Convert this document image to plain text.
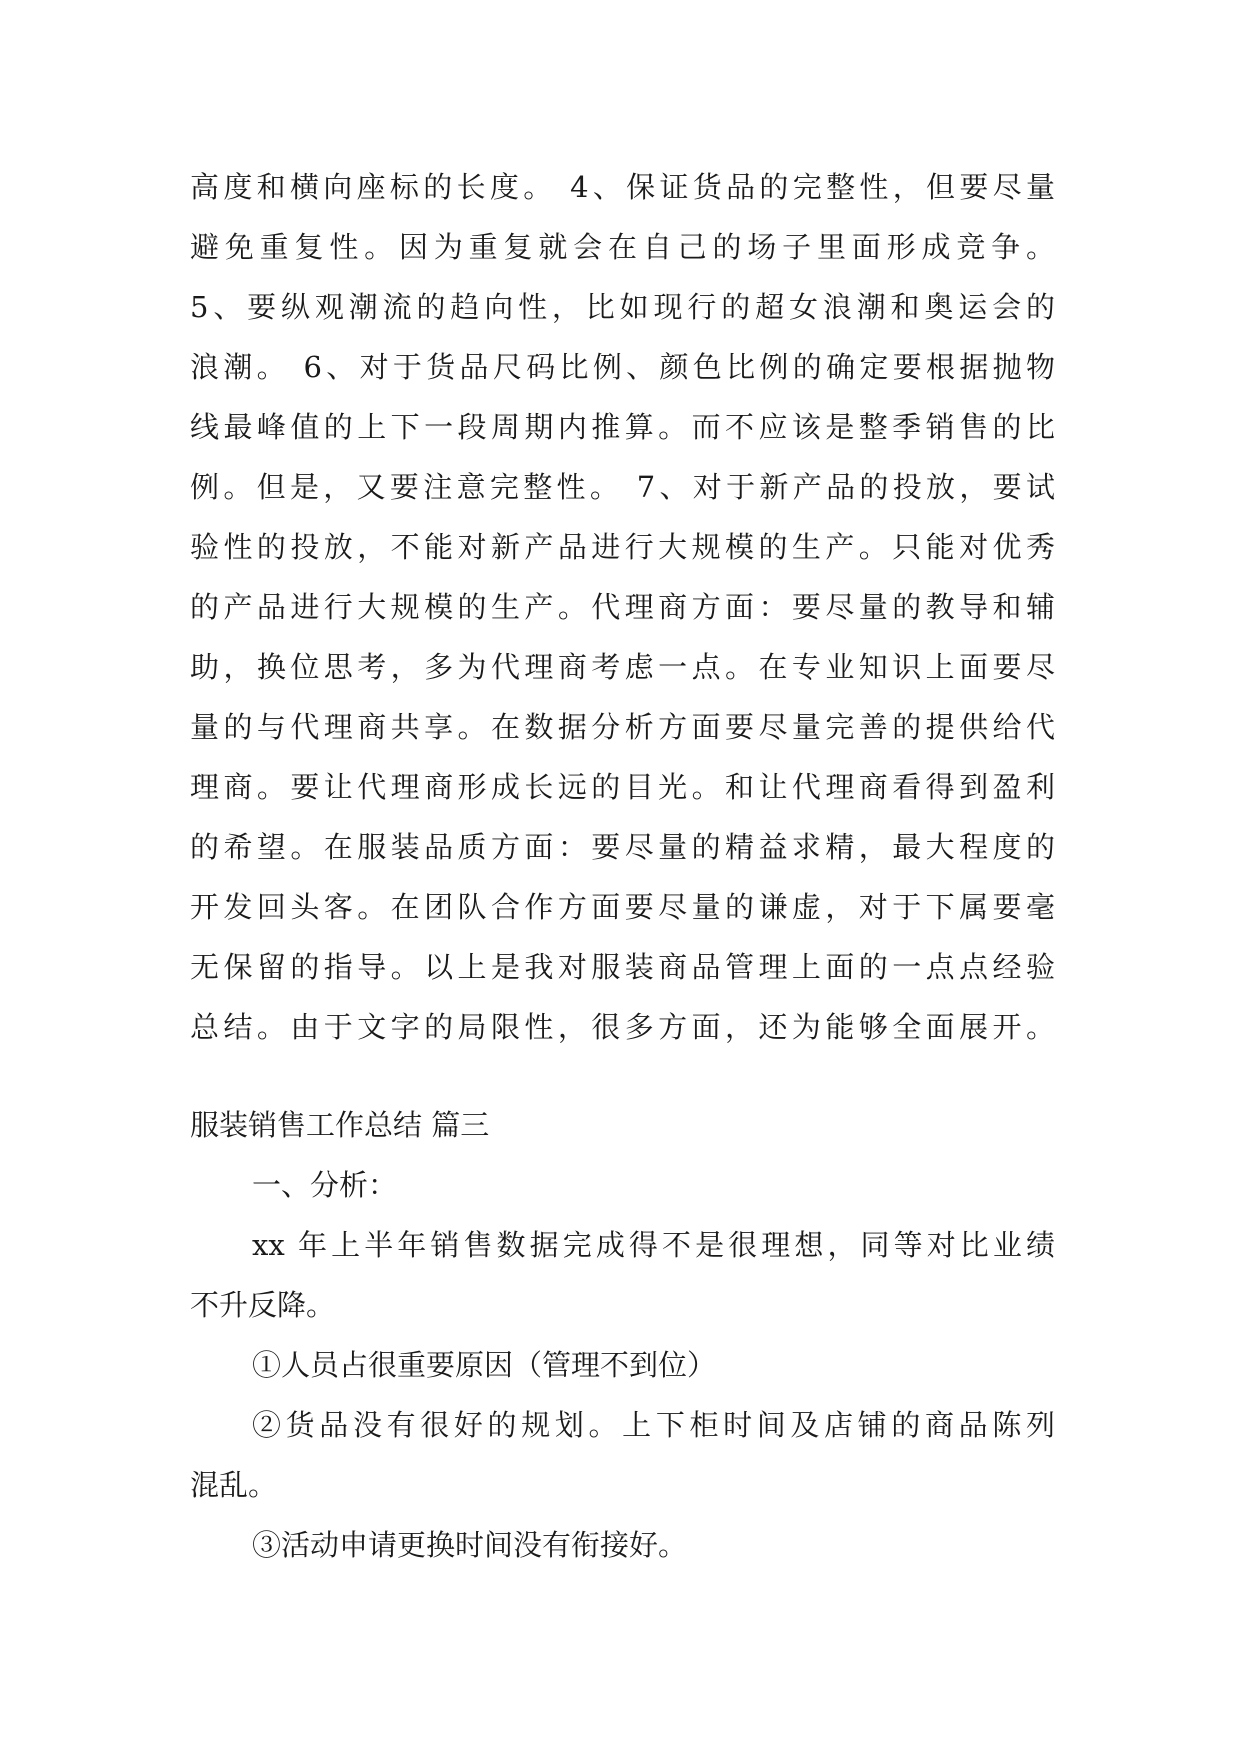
高度和横向座标的长度。 4、保证货品的完整性，但要尽量
避免重复性。因为重复就会在自己的场子里面形成竞争。
5、要纵观潮流的趋向性，比如现行的超女浪潮和奥运会的
浪潮。 6、对于货品尺码比例、颜色比例的确定要根据抛物
线最峰值的上下一段周期内推算。而不应该是整季销售的比
例。但是，又要注意完整性。 7、对于新产品的投放，要试
验性的投放，不能对新产品进行大规模的生产。只能对优秀
的产品进行大规模的生产。代理商方面：要尽量的教导和辅
助，换位思考，多为代理商考虑一点。在专业知识上面要尽
量的与代理商共享。在数据分析方面要尽量完善的提供给代
理商。要让代理商形成长远的目光。和让代理商看得到盈利
的希望。在服装品质方面：要尽量的精益求精，最大程度的
开发回头客。在团队合作方面要尽量的谦虚，对于下属要毫
无保留的指导。以上是我对服装商品管理上面的一点点经验
总结。由于文字的局限性，很多方面，还为能够全面展开。
服装销售工作总结 篇三
一、分析：
xx 年上半年销售数据完成得不是很理想，同等对比业绩
不升反降。
①人员占很重要原因（管理不到位）
②货品没有很好的规划。上下柜时间及店铺的商品陈列
混乱。
③活动申请更换时间没有衔接好。
